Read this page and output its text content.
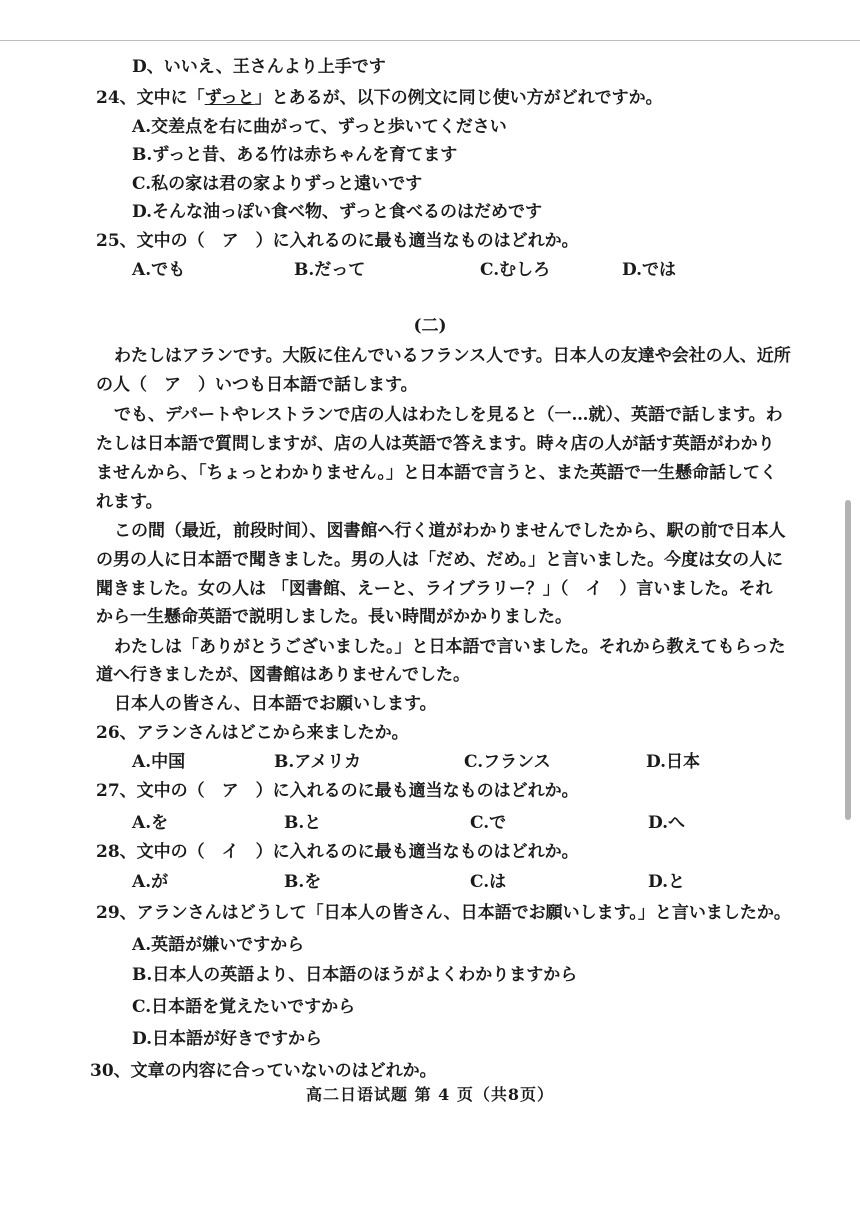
D、いいえ、王さんより上手です
24、文中に「ずっと」とあるが、以下の例文に同じ使い方がどれですか。
A.交差点を右に曲がって、ずっと歩いてください
B.ずっと昔、ある竹は赤ちゃんを育てます
C.私の家は君の家よりずっと遠いです
D.そんな油っぽい食べ物、ずっと食べるのはだめです
25、文中の（　ア　）に入れるのに最も適当なものはどれか。
A.でも	B.だって	C.むしろ	D.では
(二)
わたしはアランです。大阪に住んでいるフランス人です。日本人の友達や会社の人、近所
の人（　ア　）いつも日本語で話します。
でも、デパートやレストランで店の人はわたしを見ると（一…就）、英語で話します。わ
たしは日本語で質問しますが、店の人は英語で答えます。時々店の人が話す英語がわかり
ませんから、「ちょっとわかりません。」と日本語で言うと、また英語で一生懸命話してく
れます。
この間（最近，前段时间）、図書館へ行く道がわかりませんでしたから、駅の前で日本人
の男の人に日本語で聞きました。男の人は「だめ、だめ。」と言いました。今度は女の人に
聞きました。女の人は 「図書館、えーと、ライブラリー？」（　イ　）言いました。それ
から一生懸命英語で説明しました。長い時間がかかりました。
わたしは「ありがとうございました。」と日本語で言いました。それから教えてもらった
道へ行きましたが、図書館はありませんでした。
日本人の皆さん、日本語でお願いします。
26、アランさんはどこから来ましたか。
A.中国	B.アメリカ	C.フランス	D.日本
27、文中の（　ア　）に入れるのに最も適当なものはどれか。
A.を	B.と	C.で	D.へ
28、文中の（　イ　）に入れるのに最も適当なものはどれか。
A.が	B.を	C.は	D.と
29、アランさんはどうして「日本人の皆さん、日本語でお願いします。」と言いましたか。
A.英語が嫌いですから
B.日本人の英語より、日本語のほうがよくわかりますから
C.日本語を覚えたいですから
D.日本語が好きですから
30、文章の内容に合っていないのはどれか。
高二日语试题 第 4 页（共8页）
